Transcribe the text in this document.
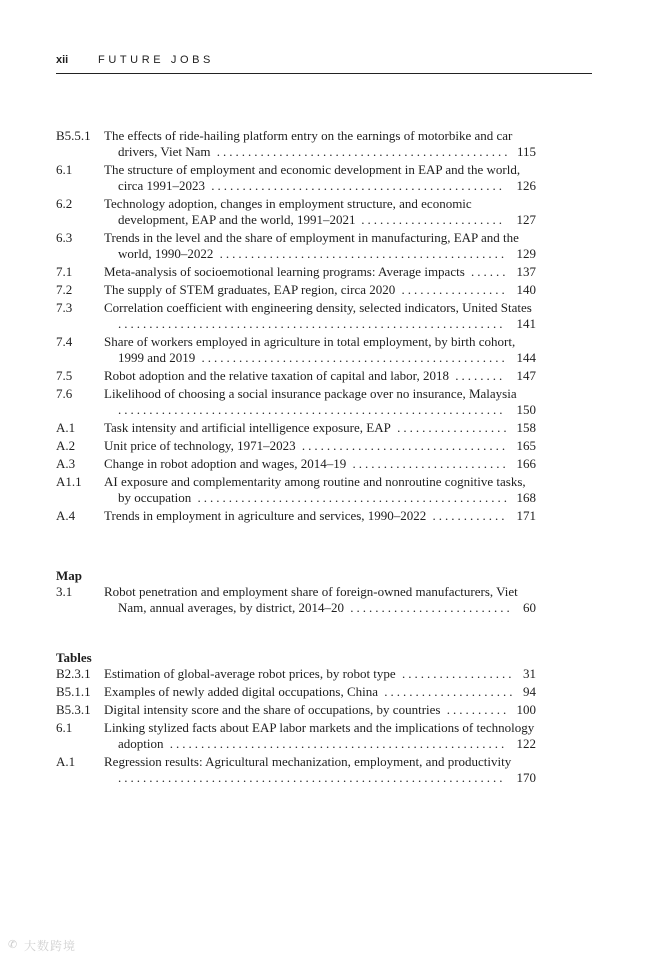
xii	FUTURE JOBS
B5.5.1 The effects of ride-hailing platform entry on the earnings of motorbike and car drivers, Viet Nam ............................................... 115
6.1 The structure of employment and economic development in EAP and the world, circa 1991–2023 ............................................... 126
6.2 Technology adoption, changes in employment structure, and economic development, EAP and the world, 1991–2021 ....................... 127
6.3 Trends in the level and the share of employment in manufacturing, EAP and the world, 1990–2022 .............................................. 129
7.1 Meta-analysis of socioemotional learning programs: Average impacts ...... 137
7.2 The supply of STEM graduates, EAP region, circa 2020 ................. 140
7.3 Correlation coefficient with engineering density, selected indicators, United States .............................................................. 141
7.4 Share of workers employed in agriculture in total employment, by birth cohort, 1999 and 2019 ................................................. 144
7.5 Robot adoption and the relative taxation of capital and labor, 2018 ........ 147
7.6 Likelihood of choosing a social insurance package over no insurance, Malaysia .............................................................. 150
A.1 Task intensity and artificial intelligence exposure, EAP .................. 158
A.2 Unit price of technology, 1971–2023 ................................. 165
A.3 Change in robot adoption and wages, 2014–19 ......................... 166
A1.1 AI exposure and complementarity among routine and nonroutine cognitive tasks, by occupation .................................................. 168
A.4 Trends in employment in agriculture and services, 1990–2022 ............ 171
Map
3.1 Robot penetration and employment share of foreign-owned manufacturers, Viet Nam, annual averages, by district, 2014–20 .......................... 60
Tables
B2.3.1 Estimation of global-average robot prices, by robot type .................. 31
B5.1.1 Examples of newly added digital occupations, China ..................... 94
B5.3.1 Digital intensity score and the share of occupations, by countries .......... 100
6.1 Linking stylized facts about EAP labor markets and the implications of technology adoption ...................................................... 122
A.1 Regression results: Agricultural mechanization, employment, and productivity .............................................................. 170
✆ 大数跨境
